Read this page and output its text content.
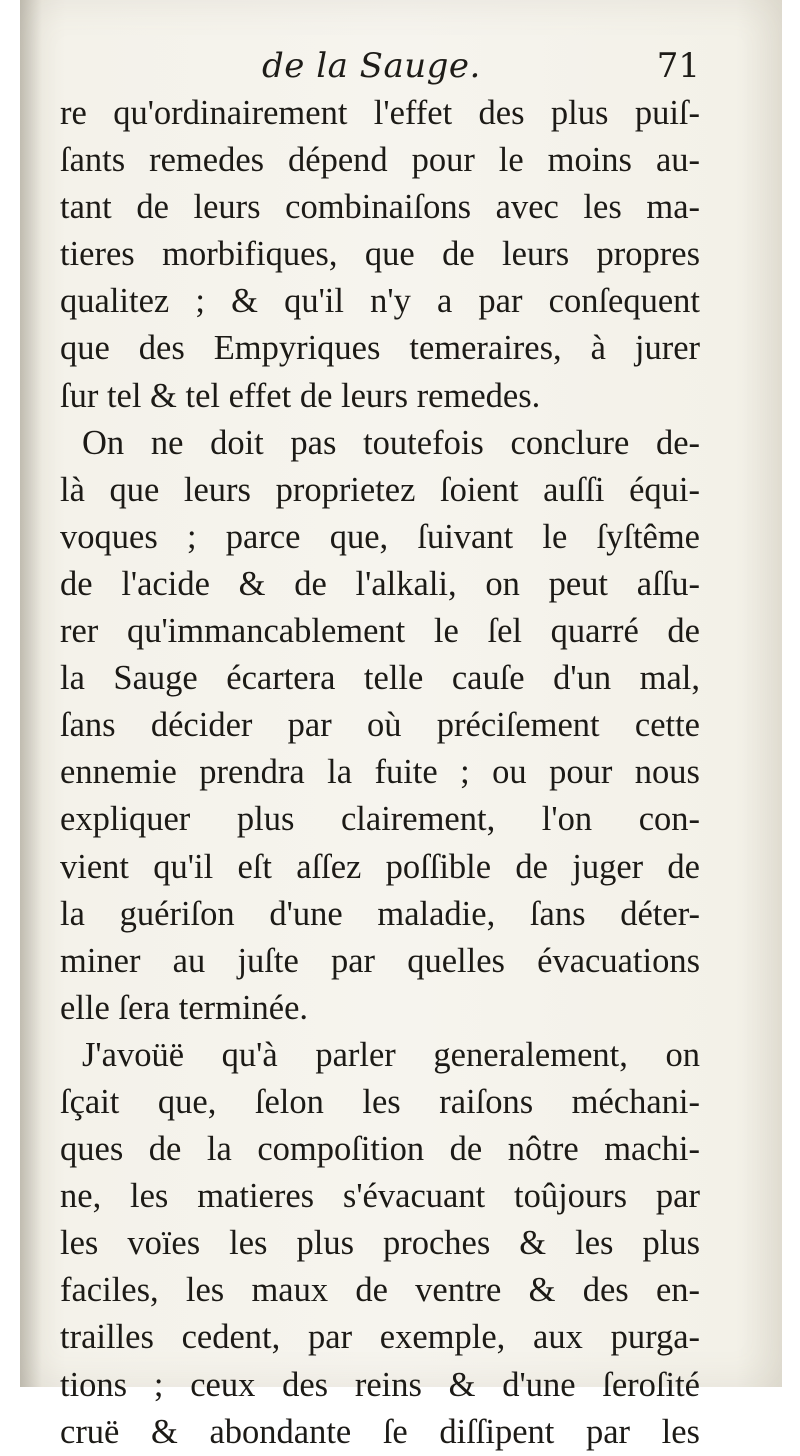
de la Sauge.	71
re qu'ordinairement l'effet des plus puiſ-
ſants remedes dépend pour le moins au-
tant de leurs combinaiſons avec les ma-
tieres morbifiques, que de leurs propres
qualitez ; & qu'il n'y a par conſequent
que des Empyriques temeraires, à jurer
ſur tel & tel effet de leurs remedes.
On ne doit pas toutefois conclure de-
là que leurs proprietez ſoient auſſi équi-
voques ; parce que, ſuivant le ſyſtême
de l'acide & de l'alkali, on peut aſſu-
rer qu'immancablement le ſel quarré de
la Sauge écartera telle cauſe d'un mal,
ſans décider par où préciſement cette
ennemie prendra la fuite ; ou pour nous
expliquer plus clairement, l'on con-
vient qu'il eſt aſſez poſſible de juger de
la guériſon d'une maladie, ſans déter-
miner au juſte par quelles évacuations
elle ſera terminée.
J'avoüë qu'à parler generalement, on
ſçait que, ſelon les raiſons méchani-
ques de la compoſition de nôtre machi-
ne, les matieres s'évacuant toûjours par
les voïes les plus proches & les plus
faciles, les maux de ventre & des en-
trailles cedent, par exemple, aux purga-
tions ; ceux des reins & d'une ſeroſité
cruë & abondante ſe diſſipent par les
